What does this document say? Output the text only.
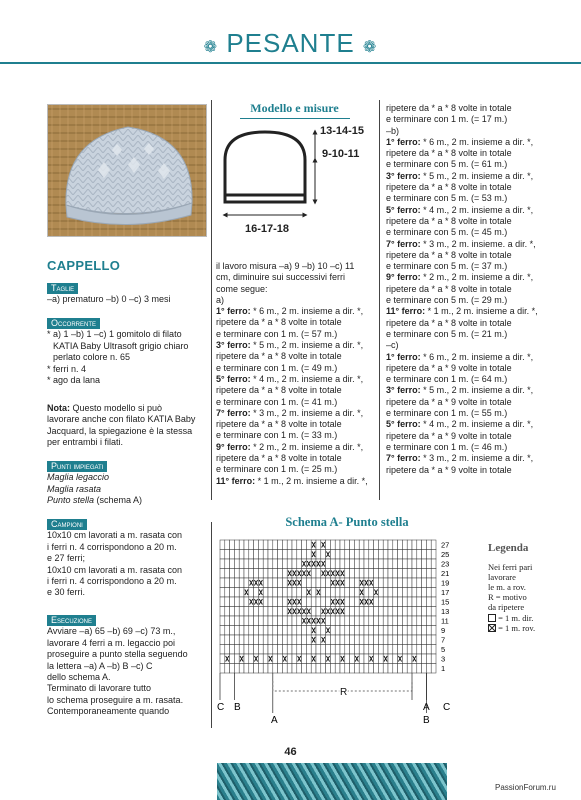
❁ PESANTE ❁
CAPPELLO
Taglie

–a) prematuro –b) 0 –c) 3 mesi

Occorrente

* a) 1 –b) 1 –c) 1 gomitolo di filato

KATIA Baby Ultrasoft grigio chiaro

perlato colore n. 65

* ferri n. 4

* ago da lana

Nota: Questo modello si può

lavorare anche con filato KATIA Baby

Jacquard, la spiegazione è la stessa

per entrambi i filati.

Punti impiegati

Maglia legaccio

Maglia rasata

Punto stella (schema A)

Campioni

10x10 cm lavorati a m. rasata con

i ferri n. 4 corrispondono a 20 m.

e 27 ferri;

10x10 cm lavorati a m. rasata con

i ferri n. 4 corrispondono a 20 m.

e 30 ferri.

Esecuzione

Avviare –a) 65 –b) 69 –c) 73 m.,

lavorare 4 ferri a m. legaccio poi

proseguire a punto stella seguendo

la lettera –a) A –b) B –c) C

dello schema A.

Terminato di lavorare tutto

lo schema proseguire a m. rasata.

Contemporaneamente quando

Modello e misure
13-14-15
9-10-11
16-17-18

il lavoro misura –a) 9 –b) 10 –c) 11

cm, diminuire sui successivi ferri

come segue:

a)

1° ferro: * 6 m., 2 m. insieme a dir. *,

ripetere da * a * 8 volte in totale

e terminare con 1 m. (= 57 m.)

3° ferro: * 5 m., 2 m. insieme a dir. *,

ripetere da * a * 8 volte in totale

e terminare con 1 m. (= 49 m.)

5° ferro: * 4 m., 2 m. insieme a dir. *,

ripetere da * a * 8 volte in totale

e terminare con 1 m. (= 41 m.)

7° ferro: * 3 m., 2 m. insieme a dir. *,

ripetere da * a * 8 volte in totale

e terminare con 1 m. (= 33 m.)

9° ferro: * 2 m., 2 m. insieme a dir. *,

ripetere da * a * 8 volte in totale

e terminare con 1 m. (= 25 m.)

11° ferro: * 1 m., 2 m. insieme a dir. *,

ripetere da * a * 8 volte in totale

e terminare con 1 m. (= 17 m.)

–b)

1° ferro: * 6 m., 2 m. insieme a dir. *,

ripetere da * a * 8 volte in totale

e terminare con 5 m. (= 61 m.)

3° ferro: * 5 m., 2 m. insieme a dir. *,

ripetere da * a * 8 volte in totale

e terminare con 5 m. (= 53 m.)

5° ferro: * 4 m., 2 m. insieme a dir. *,

ripetere da * a * 8 volte in totale

e terminare con 5 m. (= 45 m.)

7° ferro: * 3 m., 2 m. insieme. a dir. *,

ripetere da * a * 8 volte in totale

e terminare con 5 m. (= 37 m.)

9° ferro: * 2 m., 2 m. insieme a dir. *,

ripetere da * a * 8 volte in totale

e terminare con 5 m. (= 29 m.)

11° ferro: * 1 m., 2 m. insieme a dir. *,

ripetere da * a * 8 volte in totale

e terminare con 5 m. (= 21 m.)

–c)

1° ferro: * 6 m., 2 m. insieme a dir. *,

ripetere da * a * 9 volte in totale

e terminare con 1 m. (= 64 m.)

3° ferro: * 5 m., 2 m. insieme a dir. *,

ripetere da * a * 9 volte in totale

e terminare con 1 m. (= 55 m.)

5° ferro: * 4 m., 2 m. insieme a dir. *,

ripetere da * a * 9 volte in totale

e terminare con 1 m. (= 46 m.)

7° ferro: * 3 m., 2 m. insieme a dir. *,

ripetere da * a * 9 volte in totale

Schema A- Punto stella
27
25
23
21
19
17
15
13
11
9
7
5
3
1
C B
A
A C
B
R
Legenda
Nei ferri pari
lavorare
le m. a rov.
R = motivo
da ripetere
= 1 m. dir.
= 1 m. rov.
46
PassionForum.ru
